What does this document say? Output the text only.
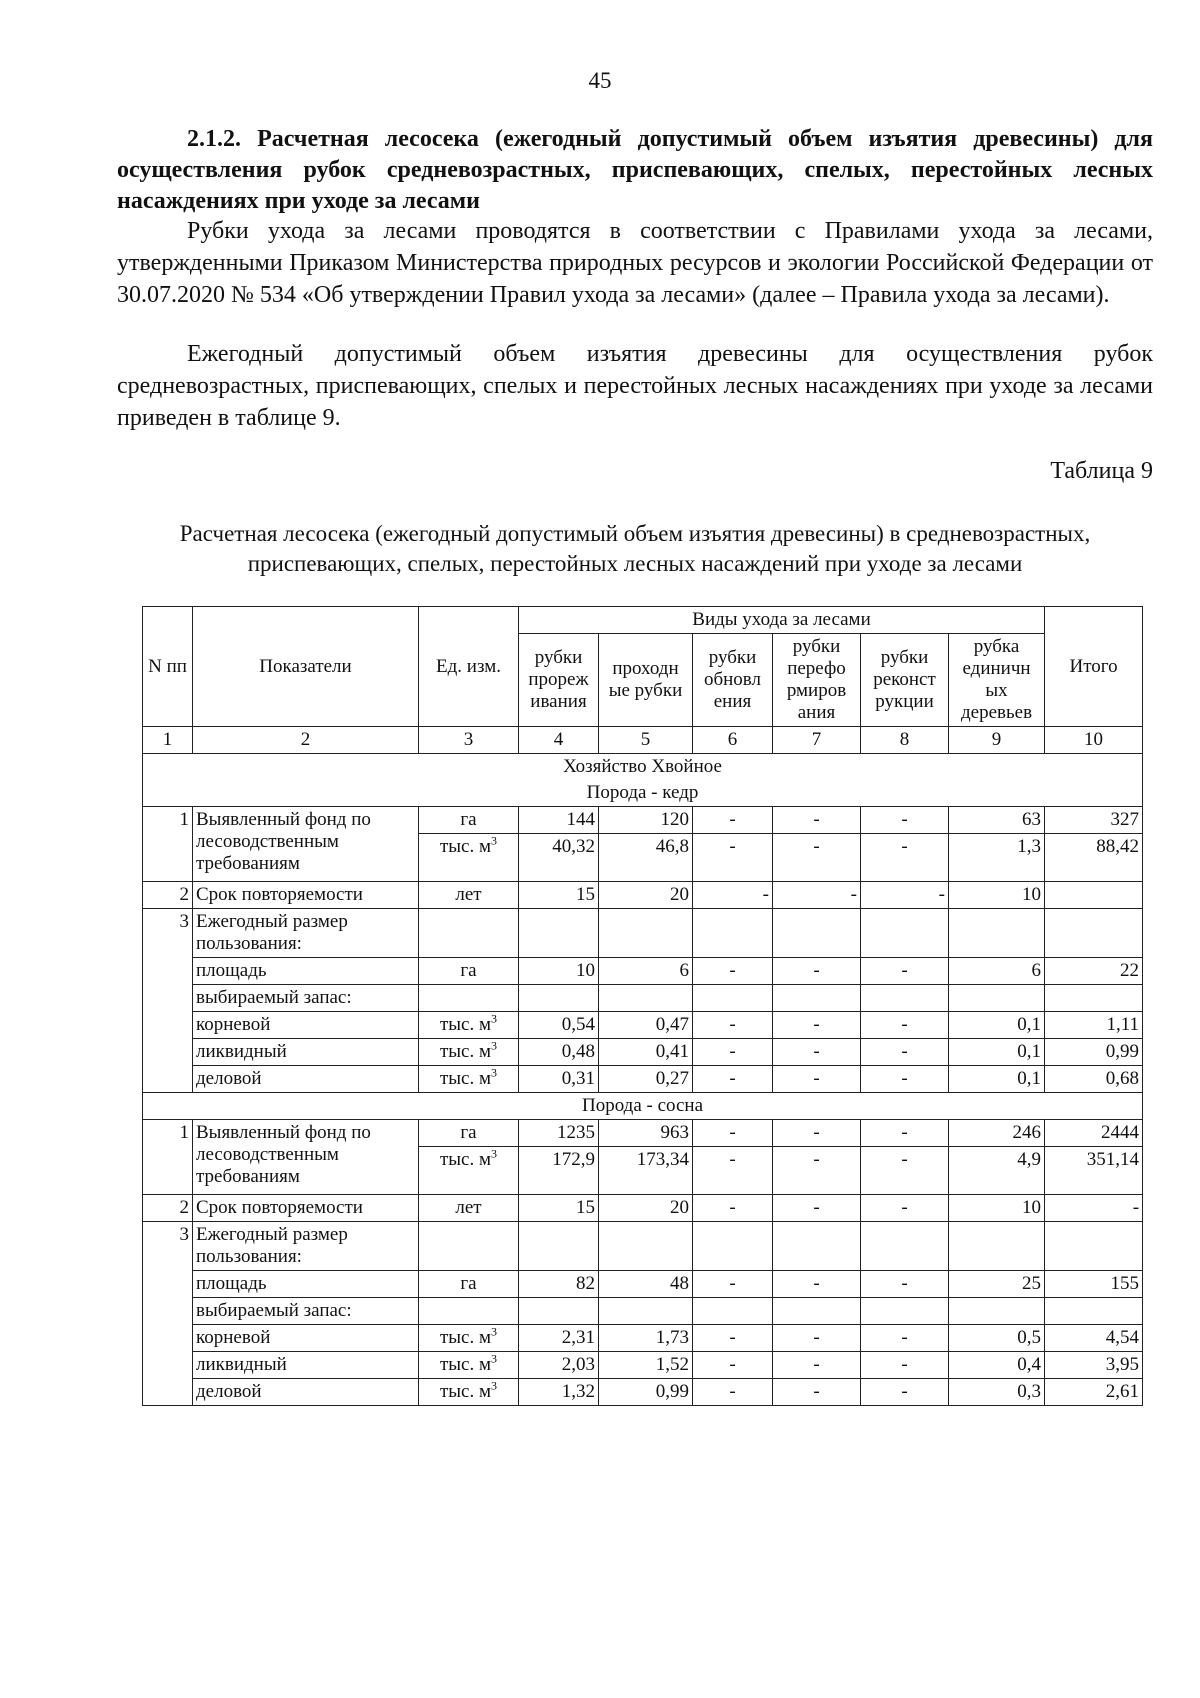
45
2.1.2. Расчетная лесосека (ежегодный допустимый объем изъятия древесины) для осуществления рубок средневозрастных, приспевающих, спелых, перестойных лесных насаждениях при уходе за лесами
Рубки ухода за лесами проводятся в соответствии с Правилами ухода за лесами, утвержденными Приказом Министерства природных ресурсов и экологии Российской Федерации от 30.07.2020 № 534 «Об утверждении Правил ухода за лесами» (далее – Правила ухода за лесами).
Ежегодный допустимый объем изъятия древесины для осуществления рубок средневозрастных, приспевающих, спелых и перестойных лесных насаждениях при уходе за лесами приведен в таблице 9.
Таблица 9
Расчетная лесосека (ежегодный допустимый объем изъятия древесины) в средневозрастных, приспевающих, спелых, перестойных лесных насаждений при уходе за лесами
N пп	Показатели	Ед. изм.	Виды ухода за лесами						Итого
			рубки прореж ивания	проходн ые рубки	рубки обновл ения	рубки перефо рмиров ания	рубки реконст рукции	рубка единичн ых деревьев	
1	2	3	4	5	6	7	8	9	10
Хозяйство Хвойное									
Порода - кедр									
1	Выявленный фонд по лесоводственным требованиям	га	144	120	-	-	-	63	327
		тыс. $м^3$	40,32	46,8	-	-	-	1,3	88,42
2	Срок повторяемости	лет	15	20	-	-	-	10	
3	Ежегодный размер пользования:								
	площадь	га	10	6	-	-	-	6	22
	выбираемый запас:								
	корневой	тыс. $м^3$	0,54	0,47	-	-	-	0,1	1,11
	ликвидный	тыс. $м^3$	0,48	0,41	-	-	-	0,1	0,99
	деловой	тыс. $м^3$	0,31	0,27	-	-	-	0,1	0,68
Порода - сосна									
1	Выявленный фонд по лесоводственным требованиям	га	1235	963	-	-	-	246	2444
		тыс. $м^3$	172,9	173,34	-	-	-	4,9	351,14
2	Срок повторяемости	лет	15	20	-	-	-	10	-
3	Ежегодный размер пользования:								
	площадь	га	82	48	-	-	-	25	155
	выбираемый запас:								
	корневой	тыс. $м^3$	2,31	1,73	-	-	-	0,5	4,54
	ликвидный	тыс. $м^3$	2,03	1,52	-	-	-	0,4	3,95
	деловой	тыс. $м^3$	1,32	0,99	-	-	-	0,3	2,61
